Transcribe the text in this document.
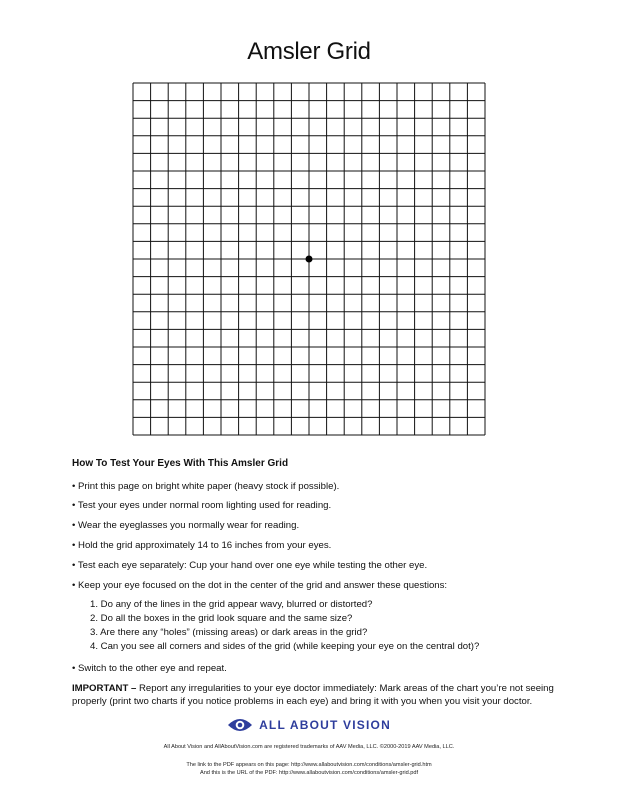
Amsler Grid
How To Test Your Eyes With This Amsler Grid
• Print this page on bright white paper (heavy stock if possible).
• Test your eyes under normal room lighting used for reading.
• Wear the eyeglasses you normally wear for reading.
• Hold the grid approximately 14 to 16 inches from your eyes.
• Test each eye separately: Cup your hand over one eye while testing the other eye.
• Keep your eye focused on the dot in the center of the grid and answer these questions:
1. Do any of the lines in the grid appear wavy, blurred or distorted?
2. Do all the boxes in the grid look square and the same size?
3. Are there any “holes” (missing areas) or dark areas in the grid?
4. Can you see all corners and sides of the grid (while keeping your eye on the central dot)?
• Switch to the other eye and repeat.

IMPORTANT – Report any irregularities to your eye doctor immediately: Mark areas of the chart you’re not seeing properly (print two charts if you notice problems in each eye) and bring it with you when you visit your doctor.

ALL ABOUT VISION
All About Vision and AllAboutVision.com are registered trademarks of AAV Media, LLC. ©2000-2019 AAV Media, LLC.
The link to the PDF appears on this page: http://www.allaboutvision.com/conditions/amsler-grid.htm
And this is the URL of the PDF: http://www.allaboutvision.com/conditions/amsler-grid.pdf
